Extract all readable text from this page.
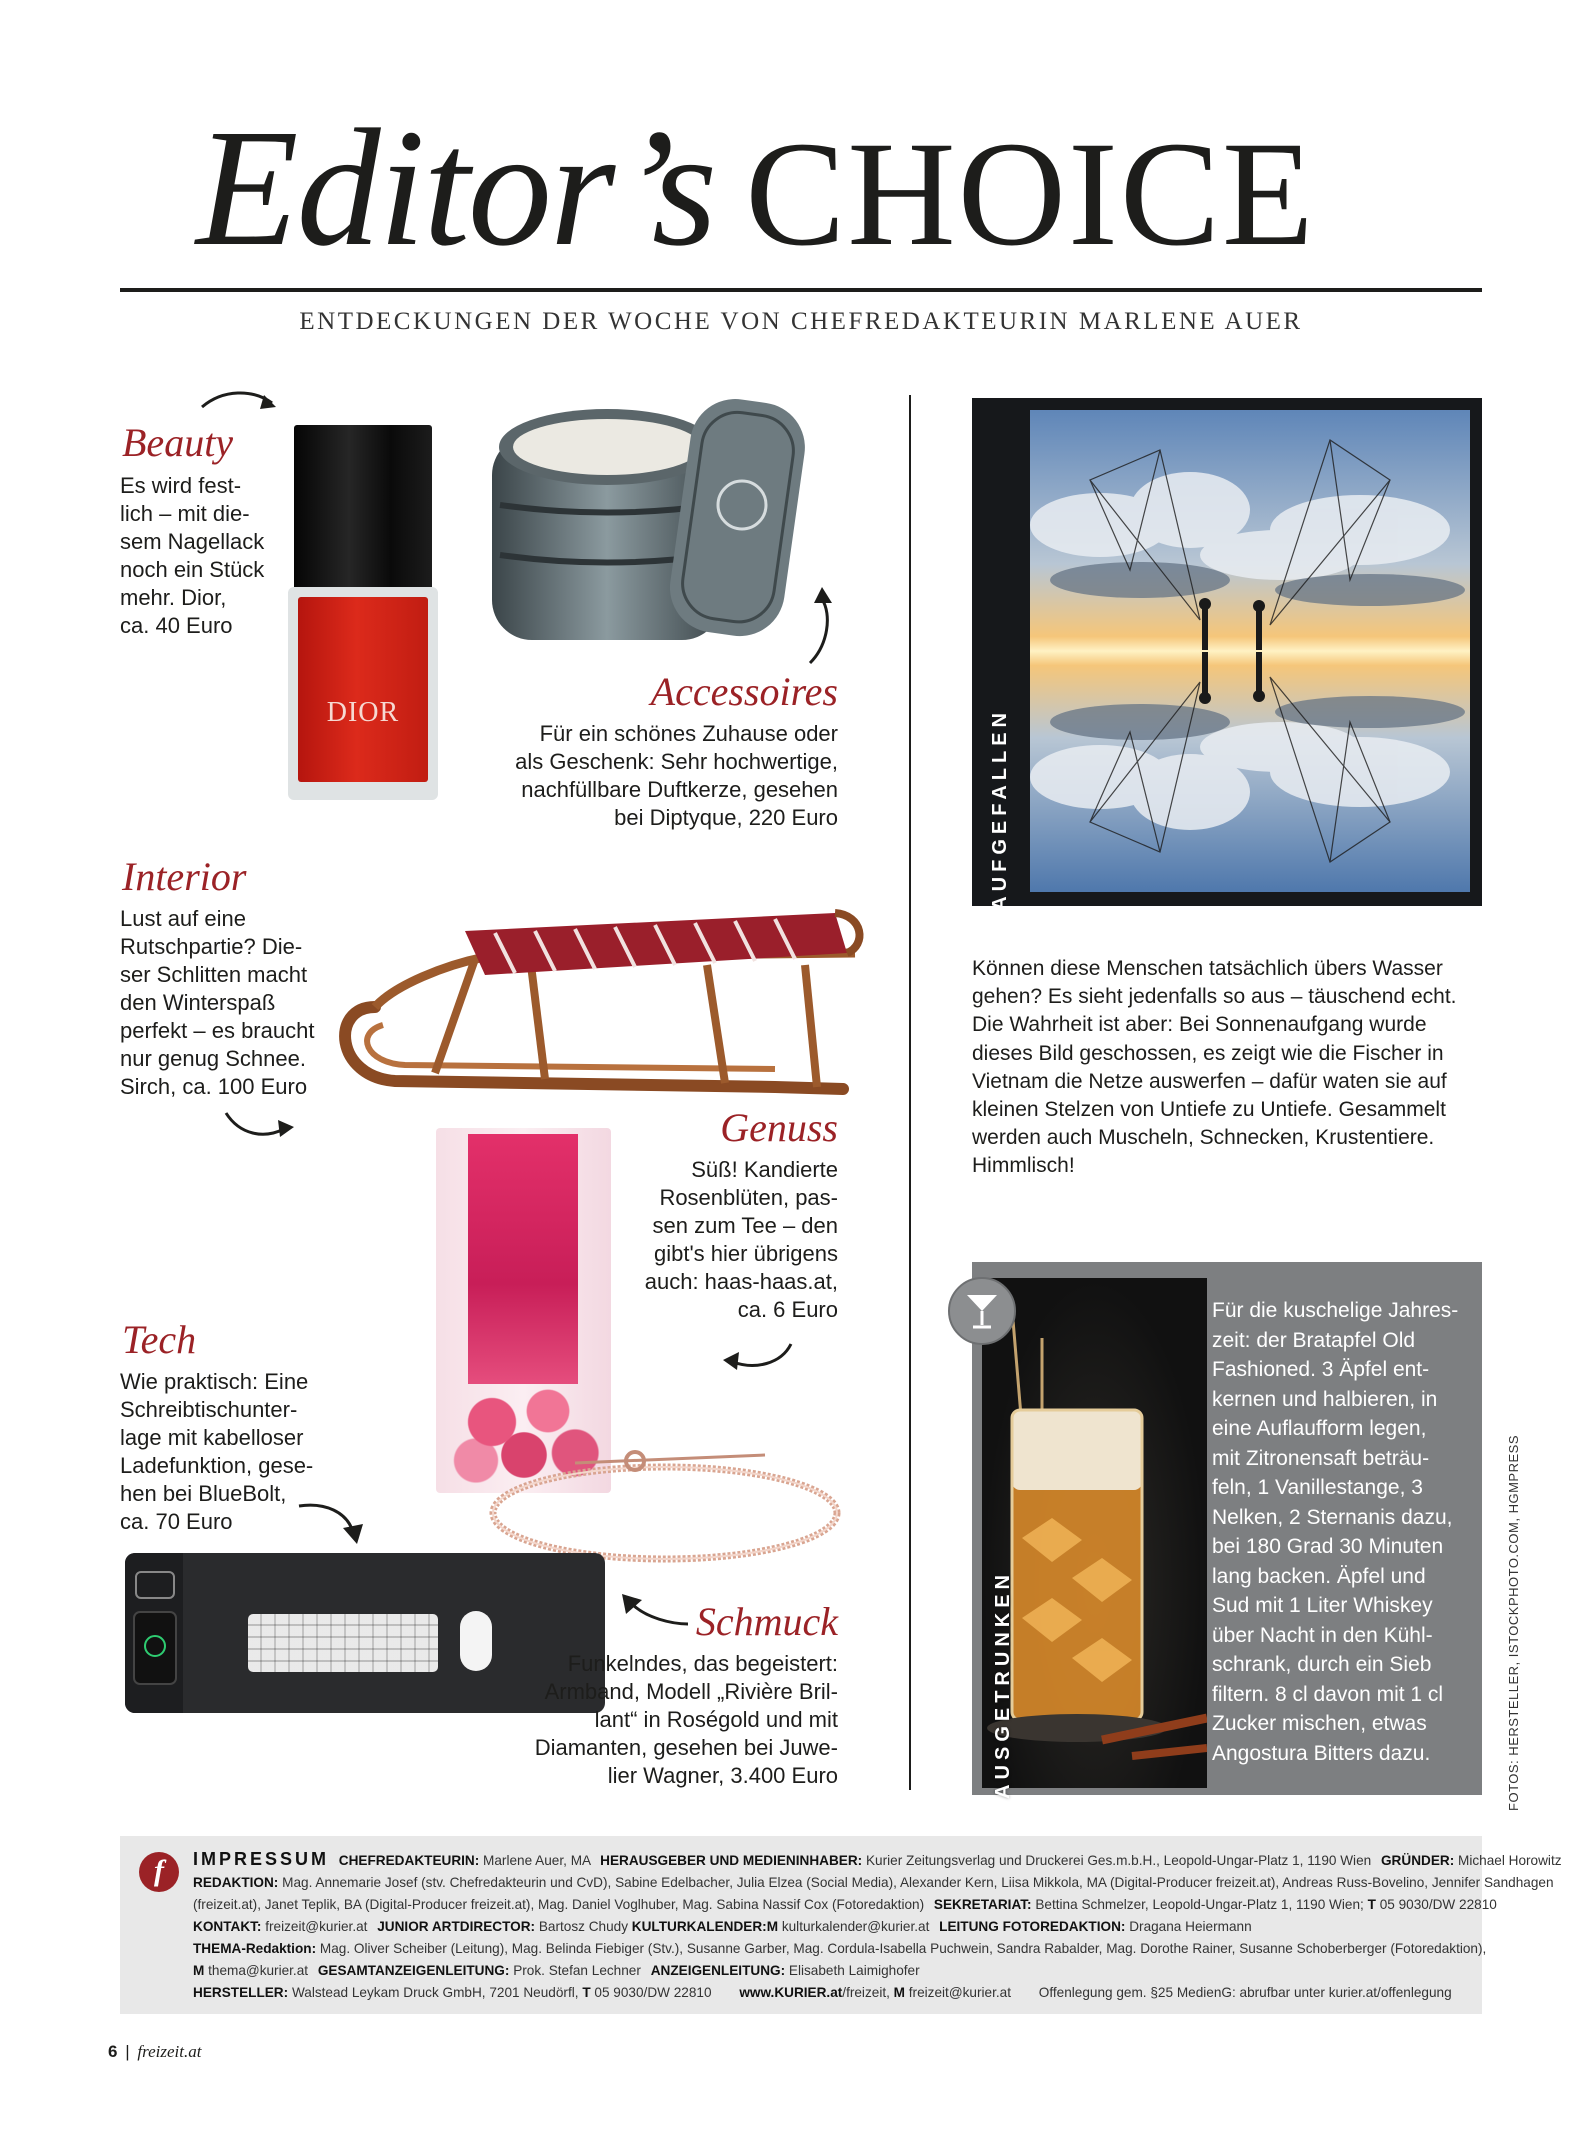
Editor’s CHOICE
ENTDECKUNGEN DER WOCHE VON CHEFREDAKTEURIN MARLENE AUER
Beauty
Es wird fest-
lich – mit die-
sem Nagellack
noch ein Stück
mehr. Dior,
ca. 40 Euro
DIOR	Accessoires
Für ein schönes Zuhause oder
als Geschenk: Sehr hochwertige,
nachfüllbare Duftkerze, gesehen
bei Diptyque, 220 Euro
Interior
Lust auf eine
Rutschpartie? Die-
ser Schlitten macht
den Winterspaß
perfekt – es braucht
nur genug Schnee.
Sirch, ca. 100 Euro
Genuss
Süß! Kandierte
Rosenblüten, pas-
sen zum Tee – den
gibt's hier übrigens
auch: haas-haas.at,
ca. 6 Euro
Tech
Wie praktisch: Eine
Schreibtischunter-
lage mit kabelloser
Ladefunktion, gese-
hen bei BlueBolt,
ca. 70 Euro
Schmuck
Funkelndes, das begeistert:
Armband, Modell „Rivière Bril-
lant“ in Roségold und mit
Diamanten, gesehen bei Juwe-
lier Wagner, 3.400 Euro
AUFGEFALLEN
Können diese Menschen tatsächlich übers Wasser
gehen? Es sieht jedenfalls so aus – täuschend echt.
Die Wahrheit ist aber: Bei Sonnenaufgang wurde
dieses Bild geschossen, es zeigt wie die Fischer in
Vietnam die Netze auswerfen – dafür waten sie auf
kleinen Stelzen von Untiefe zu Untiefe. Gesammelt
werden auch Muscheln, Schnecken, Krustentiere.
Himmlisch!
AUSGETRUNKEN
Für die kuschelige Jahres-
zeit: der Bratapfel Old
Fashioned. 3 Äpfel ent-
kernen und halbieren, in
eine Auflaufform legen,
mit Zitronensaft beträu-
feln, 1 Vanillestange, 3
Nelken, 2 Sternanis dazu,
bei 180 Grad 30 Minuten
lang backen. Äpfel und
Sud mit 1 Liter Whiskey
über Nacht in den Kühl-
schrank, durch ein Sieb
filtern. 8 cl davon mit 1 cl
Zucker mischen, etwas
Angostura Bitters dazu.	FOTOS: HERSTELLER, ISTOCKPHOTO.COM, HGMPRESS
f	IMPRESSUM CHEFREDAKTEURIN: Marlene Auer, MA HERAUSGEBER UND MEDIENINHABER: Kurier Zeitungsverlag und Druckerei Ges.m.b.H., Leopold-Ungar-Platz 1, 1190 Wien GRÜNDER: Michael Horowitz
REDAKTION: Mag. Annemarie Josef (stv. Chefredakteurin und CvD), Sabine Edelbacher, Julia Elzea (Social Media), Alexander Kern, Liisa Mikkola, MA (Digital-Producer freizeit.at), Andreas Russ-Bovelino, Jennifer Sandhagen
(freizeit.at), Janet Teplik, BA (Digital-Producer freizeit.at), Mag. Daniel Voglhuber, Mag. Sabina Nassif Cox (Fotoredaktion) SEKRETARIAT: Bettina Schmelzer, Leopold-Ungar-Platz 1, 1190 Wien; T 05 9030/DW 22810
KONTAKT: freizeit@kurier.at JUNIOR ARTDIRECTOR: Bartosz Chudy KULTURKALENDER:M kulturkalender@kurier.at LEITUNG FOTOREDAKTION: Dragana Heiermann
THEMA-Redaktion: Mag. Oliver Scheiber (Leitung), Mag. Belinda Fiebiger (Stv.), Susanne Garber, Mag. Cordula-Isabella Puchwein, Sandra Rabalder, Mag. Dorothe Rainer, Susanne Schoberberger (Fotoredaktion),
M thema@kurier.at GESAMTANZEIGENLEITUNG: Prok. Stefan Lechner ANZEIGENLEITUNG: Elisabeth Laimighofer
HERSTELLER: Walstead Leykam Druck GmbH, 7201 Neudörfl, T 05 9030/DW 22810 www.KURIER.at/freizeit, M freizeit@kurier.at Offenlegung gem. §25 MedienG: abrufbar unter kurier.at/offenlegung
6 | freizeit.at
